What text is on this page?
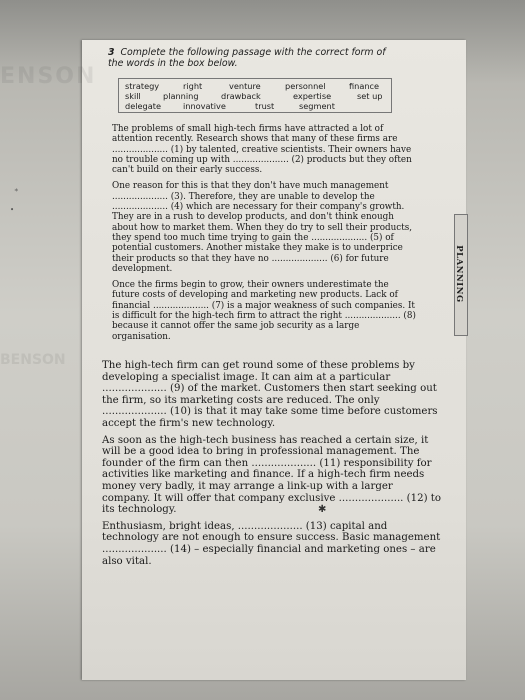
ENSON
BENSON
∗
•
3 Complete the following passage with the correct form of the words in the box below.
strategy	right	venture	personnel	finance
skill	planning	drawback	expertise	set up
delegate	innovative	trust	segment

The problems of small high-tech firms have attracted a lot of attention recently. Research shows that many of these firms are .................... (1) by talented, creative scientists. Their owners have no trouble coming up with .................... (2) products but they often can't build on their early success.

One reason for this is that they don't have much management .................... (3). Therefore, they are unable to develop the .................... (4) which are necessary for their company's growth. They are in a rush to develop products, and don't think enough about how to market them. When they do try to sell their products, they spend too much time trying to gain the .................... (5) of potential customers. Another mistake they make is to underprice their products so that they have no .................... (6) for future development.

Once the firms begin to grow, their owners underestimate the future costs of developing and marketing new products. Lack of financial .................... (7) is a major weakness of such companies. It is difficult for the high-tech firm to attract the right .................... (8) because it cannot offer the same job security as a large organisation.

The high-tech firm can get round some of these problems by developing a specialist image. It can aim at a particular .................... (9) of the market. Customers then start seeking out the firm, so its marketing costs are reduced. The only .................... (10) is that it may take some time before customers accept the firm's new technology.

As soon as the high-tech business has reached a certain size, it will be a good idea to bring in professional management. The founder of the firm can then .................... (11) responsibility for activities like marketing and finance. If a high-tech firm needs money very badly, it may arrange a link-up with a larger company. It will offer that company exclusive .................... (12) to its technology.

Enthusiasm, bright ideas, .................... (13) capital and technology are not enough to ensure success. Basic management .................... (14) – especially financial and marketing ones – are also vital.

✱
PLANNING
